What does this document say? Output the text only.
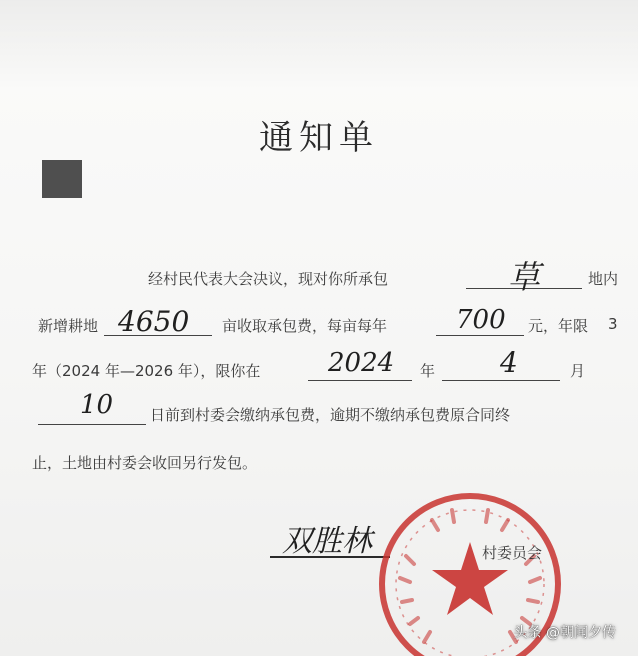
通知单
经村民代表大会决议，现对你所承包	草	地内
新增耕地 4650 亩收取承包费，每亩每年	700 元，年限 3
年（2024 年—2026 年），限你在	2024 年 4	月
10 日前到村委会缴纳承包费，逾期不缴纳承包费原合同终
止，土地由村委会收回另行发包。
双胜林	村委员会
头条 @朝闻夕传
